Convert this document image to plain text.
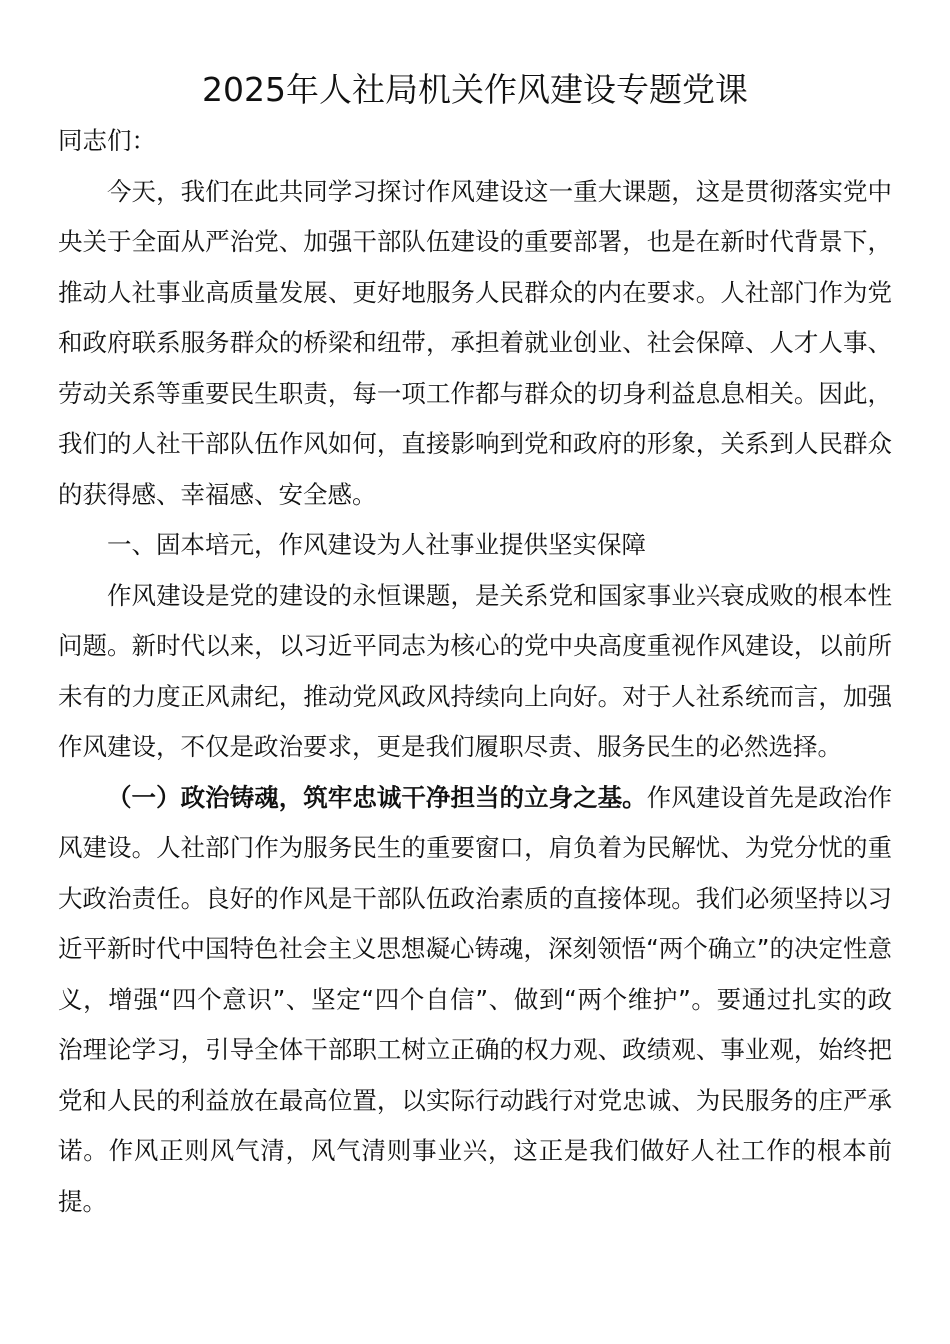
2025年人社局机关作风建设专题党课

同志们：

今天，我们在此共同学习探讨作风建设这一重大课题，这是贯彻落实党中央关于全面从严治党、加强干部队伍建设的重要部署，也是在新时代背景下，推动人社事业高质量发展、更好地服务人民群众的内在要求。人社部门作为党和政府联系服务群众的桥梁和纽带，承担着就业创业、社会保障、人才人事、劳动关系等重要民生职责，每一项工作都与群众的切身利益息息相关。因此，我们的人社干部队伍作风如何，直接影响到党和政府的形象，关系到人民群众的获得感、幸福感、安全感。

一、固本培元，作风建设为人社事业提供坚实保障

作风建设是党的建设的永恒课题，是关系党和国家事业兴衰成败的根本性问题。新时代以来，以习近平同志为核心的党中央高度重视作风建设，以前所未有的力度正风肃纪，推动党风政风持续向上向好。对于人社系统而言，加强作风建设，不仅是政治要求，更是我们履职尽责、服务民生的必然选择。

（一）政治铸魂，筑牢忠诚干净担当的立身之基。作风建设首先是政治作风建设。人社部门作为服务民生的重要窗口，肩负着为民解忧、为党分忧的重大政治责任。良好的作风是干部队伍政治素质的直接体现。我们必须坚持以习近平新时代中国特色社会主义思想凝心铸魂，深刻领悟“两个确立”的决定性意义，增强“四个意识”、坚定“四个自信”、做到“两个维护”。要通过扎实的政治理论学习，引导全体干部职工树立正确的权力观、政绩观、事业观，始终把党和人民的利益放在最高位置，以实际行动践行对党忠诚、为民服务的庄严承诺。作风正则风气清，风气清则事业兴，这正是我们做好人社工作的根本前提。
